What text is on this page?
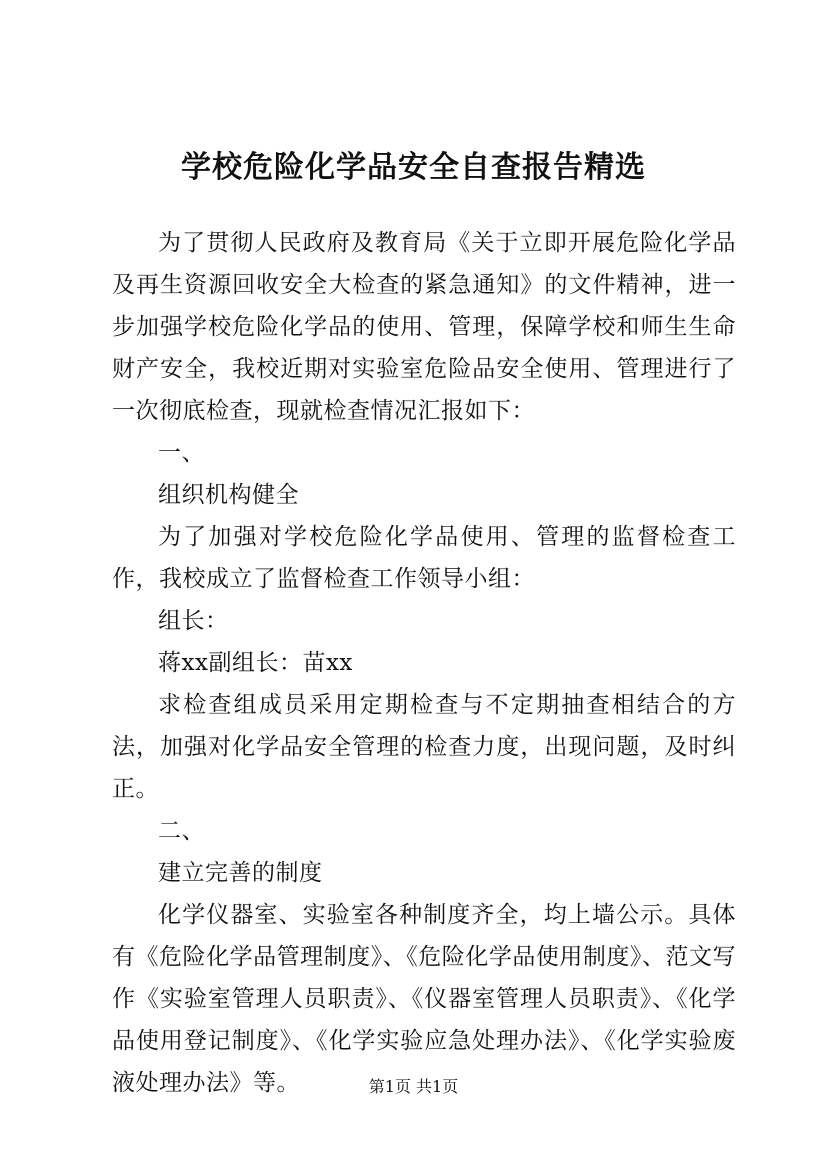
学校危险化学品安全自查报告精选

为了贯彻人民政府及教育局《关于立即开展危险化学品及再生资源回收安全大检查的紧急通知》的文件精神，进一步加强学校危险化学品的使用、管理，保障学校和师生生命财产安全，我校近期对实验室危险品安全使用、管理进行了一次彻底检查，现就检查情况汇报如下：

一、

组织机构健全

为了加强对学校危险化学品使用、管理的监督检查工作，我校成立了监督检查工作领导小组：

组长：

蒋xx副组长：苗xx

求检查组成员采用定期检查与不定期抽查相结合的方法，加强对化学品安全管理的检查力度，出现问题，及时纠正。

二、

建立完善的制度

化学仪器室、实验室各种制度齐全，均上墙公示。具体有《危险化学品管理制度》、《危险化学品使用制度》、范文写作《实验室管理人员职责》、《仪器室管理人员职责》、《化学品使用登记制度》、《化学实验应急处理办法》、《化学实验废液处理办法》等。	第1页 共1页
